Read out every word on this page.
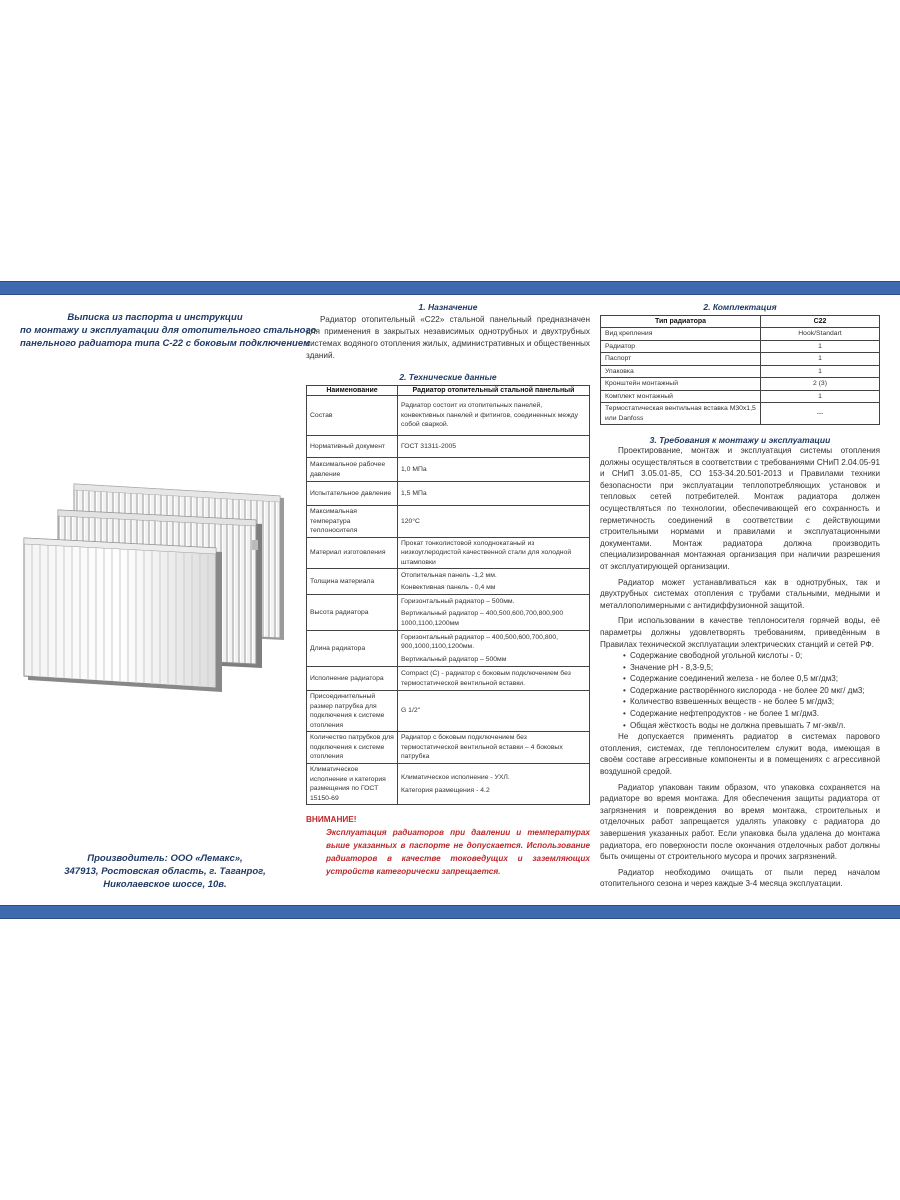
Выписка из паспорта и инструкции
по монтажу и эксплуатации для отопительного стального
панельного радиатора типа С-22 с боковым подключением
Производитель: ООО «Лемакс»,
347913, Ростовская область, г. Таганрог,
Николаевское шоссе, 10в.

1. Назначение

Радиатор отопительный «С22» стальной панельный предназначен для применения в закрытых независимых однотрубных и двухтрубных системах водяного отопления жилых, административных и общественных зданий.

2. Технические данные

Наименование	Радиатор отопительный стальной панельный
Состав	Радиатор состоит из отопительных панелей, конвективных панелей и фитингов, соединенных между собой сваркой.
Нормативный документ	ГОСТ 31311-2005
Максимальное рабочее давление	1,0 МПа
Испытательное давление	1,5 МПа
Максимальная температура теплоносителя	120°С
Материал изготовления	Прокат тонколистовой холоднокатаный из низкоуглеродистой качественной стали для холодной штамповки
Толщина материала	Отопительная панель -1,2 мм.
Конвективная панель - 0,4 мм

Высота радиатора	Горизонтальный радиатор – 500мм.
Вертикальный радиатор – 400,500,600,700,800,900 1000,1100,1200мм

Длина радиатора	Горизонтальный радиатор – 400,500,600,700,800, 900,1000,1100,1200мм.
Вертикальный радиатор – 500мм

Исполнение радиатора	Compact (С) - радиатор с боковым подключением без термостатической вентильной вставки.
Присоединительный размер патрубка для подключения к системе отопления	G 1/2"
Количество патрубков для подключения к системе отопления	Радиатор с боковым подключением без термостатической вентильной вставки – 4 боковых патрубка
Климатическое исполнение и категория размещения по ГОСТ 15150-69	Климатическое исполнение - УХЛ.
Категория размещения - 4.2
ВНИМАНИЕ!
Эксплуатация радиаторов при давлении и температурах выше указанных в паспорте не допускается. Использование радиаторов в качестве токоведущих и заземляющих устройств категорически запрещается.

2. Комплектация

Тип радиатора	С22
Вид крепления	Hook/Standart
Радиатор	1
Паспорт	1
Упаковка	1
Кронштейн монтажный	2 (3)
Комплект монтажный	1
Термостатическая вентильная вставка М30х1,5 или Danfoss	---

3. Требования к монтажу и эксплуатации

Проектирование, монтаж и эксплуатация системы отопления должны осуществляться в соответствии с требованиями СНиП 2.04.05-91 и СНиП 3.05.01-85, СО 153-34.20.501-2013 и Правилами техники безопасности при эксплуатации теплопотребляющих установок и тепловых сетей потребителей. Монтаж радиатора должен осуществляться по технологии, обеспечивающей его сохранность и герметичность соединений в соответствии с действующими строительными нормами и правилами и эксплуатационными документами. Монтаж радиатора должна производить специализированная монтажная организация при наличии разрешения от эксплуатирующей организации.

Радиатор может устанавливаться как в однотрубных, так и двухтрубных системах отопления с трубами стальными, медными и металлополимерными с антидиффузионной защитой.

При использовании в качестве теплоносителя горячей воды, её параметры должны удовлетворять требованиям, приведённым в Правилах технической эксплуатации электрических станций и сетей РФ.

• Содержание свободной угольной кислоты - 0;
• Значение pH - 8,3-9,5;
• Содержание соединений железа - не более 0,5 мг/дм3;
• Содержание растворённого кислорода - не более 20 мкг/ дм3;
• Количество взвешенных веществ - не более 5 мг/дм3;
• Содержание нефтепродуктов - не более 1 мг/дм3.
• Общая жёсткость воды не должна превышать 7 мг-экв/л.

Не допускается применять радиатор в системах парового отопления, системах, где теплоносителем служит вода, имеющая в своём составе агрессивные компоненты и в помещениях с агрессивной воздушной средой.

Радиатор упакован таким образом, что упаковка сохраняется на радиаторе во время монтажа. Для обеспечения защиты радиатора от загрязнения и повреждения во время монтажа, строительных и отделочных работ запрещается удалять упаковку с радиатора до завершения указанных работ. Если упаковка была удалена до монтажа радиатора, его поверхности после окончания отделочных работ должны быть очищены от строительного мусора и прочих загрязнений.

Радиатор необходимо очищать от пыли перед началом отопительного сезона и через каждые 3-4 месяца эксплуатации.
